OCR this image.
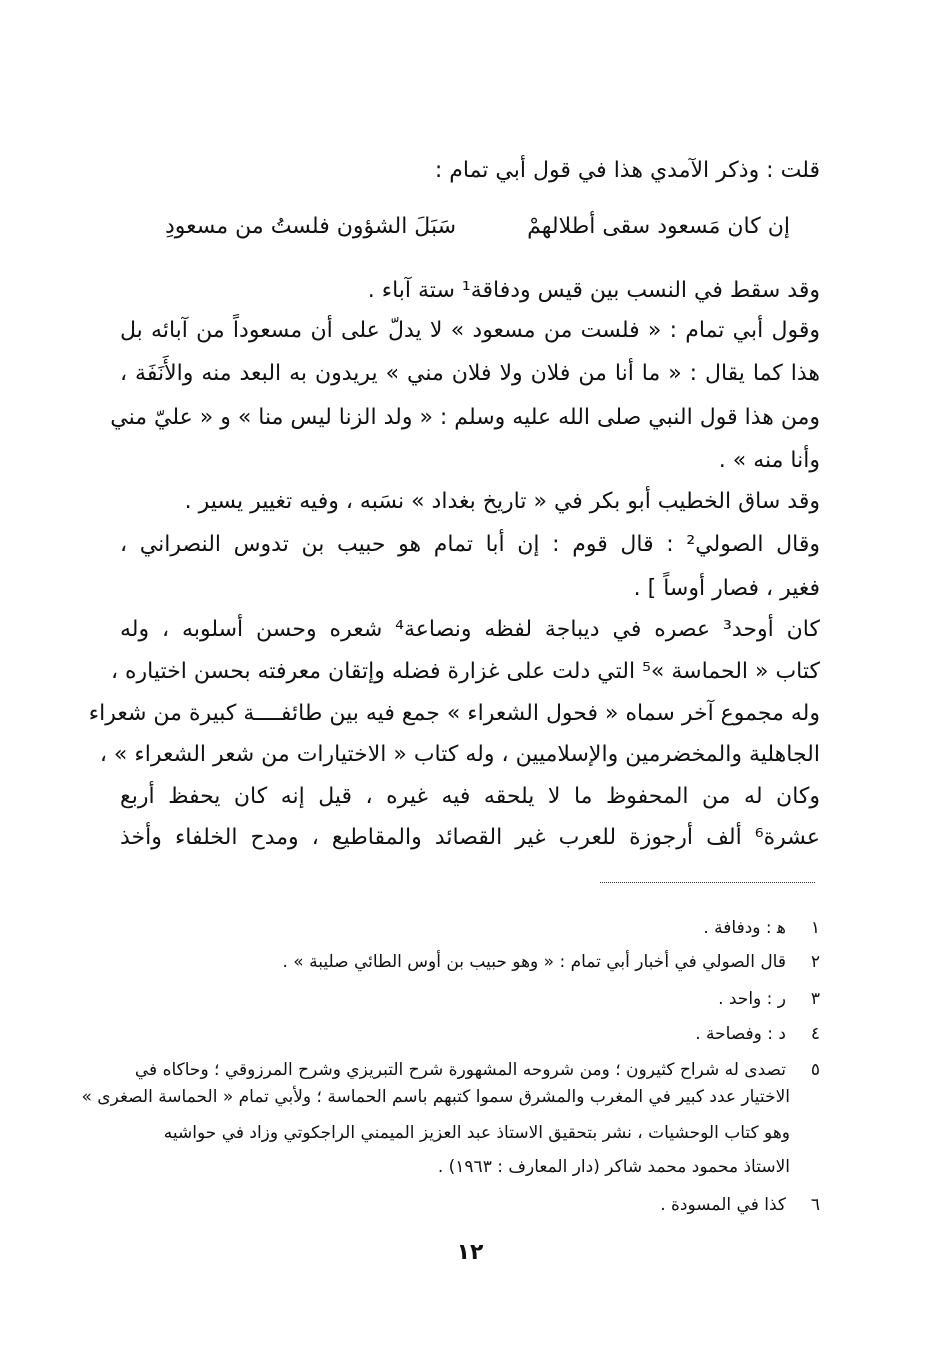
قلت : وذكر الآمدي هذا في قول أبي تمام :
إن كان مَسعود سقى أطلالهمْ
سَبَلَ الشؤون فلستُ من مسعودِ
وقد سقط في النسب بين قيس ودفاقة¹ ستة آباء .
وقول أبي تمام : « فلست من مسعود » لا يدلّ على أن مسعوداً من آبائه بل
هذا كما يقال : « ما أنا من فلان ولا فلان مني » يريدون به البعد منه والأَنَفَة ،
ومن هذا قول النبي صلى الله عليه وسلم : « ولد الزنا ليس منا » و « عليّ مني
وأنا منه » .
وقد ساق الخطيب أبو بكر في « تاريخ بغداد » نسَبه ، وفيه تغيير يسير .
وقال الصولي² : قال قوم : إن أبا تمام هو حبيب بن تدوس النصراني ،
فغير ، فصار أوساً ] .
كان أوحد³ عصره في ديباجة لفظه ونصاعة⁴ شعره وحسن أسلوبه ، وله
كتاب « الحماسة »⁵ التي دلت على غزارة فضله وإتقان معرفته بحسن اختياره ،
وله مجموع آخر سماه « فحول الشعراء » جمع فيه بين طائفــــة كبيرة من شعراء
الجاهلية والمخضرمين والإسلاميين ، وله كتاب « الاختيارات من شعر الشعراء » ،
وكان له من المحفوظ ما لا يلحقه فيه غيره ، قيل إنه كان يحفظ أربع
عشرة⁶ ألف أرجوزة للعرب غير القصائد والمقاطيع ، ومدح الخلفاء وأخذ
١ﻫ : ودفافة .
٢قال الصولي في أخبار أبي تمام : « وهو حبيب بن أوس الطائي صليبة » .
٣ر : واحد .
٤د : وفصاحة .
٥تصدى له شراح كثيرون ؛ ومن شروحه المشهورة شرح التبريزي وشرح المرزوقي ؛ وحاكاه في
الاختيار عدد كبير في المغرب والمشرق سموا كتبهم باسم الحماسة ؛ ولأبي تمام « الحماسة الصغرى »
وهو كتاب الوحشيات ، نشر بتحقيق الاستاذ عبد العزيز الميمني الراجكوتي وزاد في حواشيه
الاستاذ محمود محمد شاكر (دار المعارف : ١٩٦٣) .
٦كذا في المسودة .
١٢
